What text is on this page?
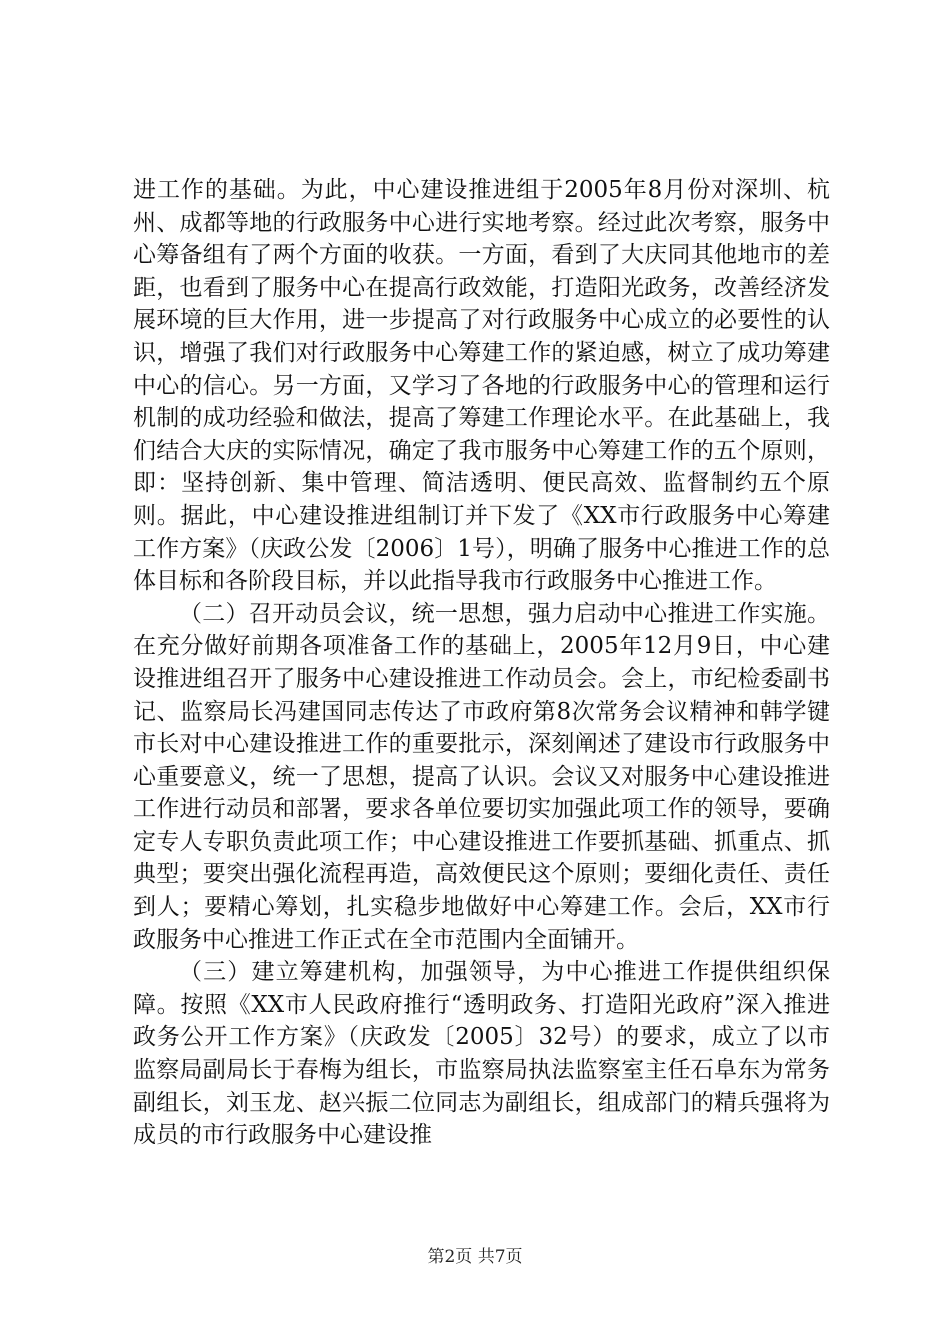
进工作的基础。为此，中心建设推进组于2005年8月份对深圳、杭州、成都等地的行政服务中心进行实地考察。经过此次考察，服务中心筹备组有了两个方面的收获。一方面，看到了大庆同其他地市的差距，也看到了服务中心在提高行政效能，打造阳光政务，改善经济发展环境的巨大作用，进一步提高了对行政服务中心成立的必要性的认识，增强了我们对行政服务中心筹建工作的紧迫感，树立了成功筹建中心的信心。另一方面，又学习了各地的行政服务中心的管理和运行机制的成功经验和做法，提高了筹建工作理论水平。在此基础上，我们结合大庆的实际情况，确定了我市服务中心筹建工作的五个原则，即：坚持创新、集中管理、简洁透明、便民高效、监督制约五个原则。据此，中心建设推进组制订并下发了《XX市行政服务中心筹建工作方案》（庆政公发〔2006〕1号），明确了服务中心推进工作的总体目标和各阶段目标，并以此指导我市行政服务中心推进工作。

（二）召开动员会议，统一思想，强力启动中心推进工作实施。在充分做好前期各项准备工作的基础上，2005年12月9日，中心建设推进组召开了服务中心建设推进工作动员会。会上，市纪检委副书记、监察局长冯建国同志传达了市政府第8次常务会议精神和韩学键市长对中心建设推进工作的重要批示，深刻阐述了建设市行政服务中心重要意义，统一了思想，提高了认识。会议又对服务中心建设推进工作进行动员和部署，要求各单位要切实加强此项工作的领导，要确定专人专职负责此项工作；中心建设推进工作要抓基础、抓重点、抓典型；要突出强化流程再造，高效便民这个原则；要细化责任、责任到人；要精心筹划，扎实稳步地做好中心筹建工作。会后，XX市行政服务中心推进工作正式在全市范围内全面铺开。

（三）建立筹建机构，加强领导，为中心推进工作提供组织保障。按照《XX市人民政府推行“透明政务、打造阳光政府”深入推进政务公开工作方案》（庆政发〔2005〕32号）的要求，成立了以市监察局副局长于春梅为组长，市监察局执法监察室主任石阜东为常务副组长，刘玉龙、赵兴振二位同志为副组长，组成部门的精兵强将为成员的市行政服务中心建设推

第2页 共7页
